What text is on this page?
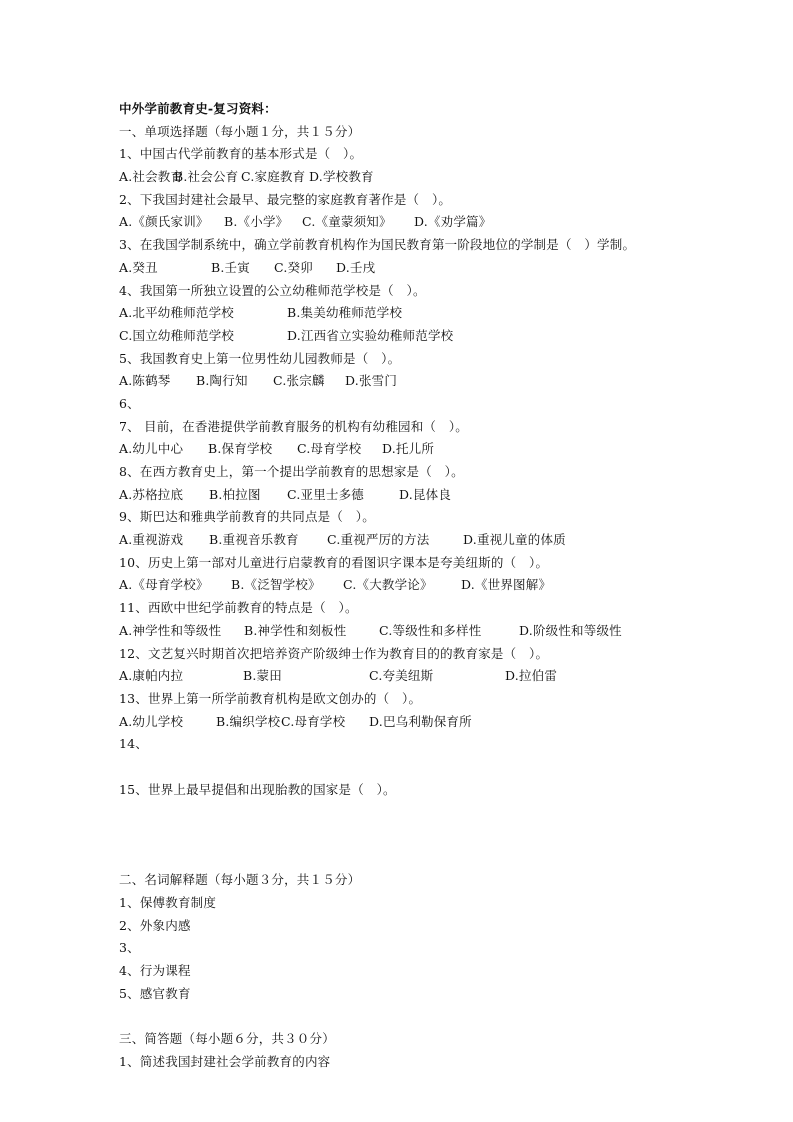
中外学前教育史-复习资料：
一、单项选择题（每小题１分，共１５分）
1、中国古代学前教育的基本形式是（　）。
A.社会教育B.社会公育 C.家庭教育 D.学校教育
2、下我国封建社会最早、最完整的家庭教育著作是（　）。
A.《颜氏家训》 B.《小学》 C.《童蒙须知》 D.《劝学篇》
3、在我国学制系统中，确立学前教育机构作为国民教育第一阶段地位的学制是（　）学制。
A.癸丑	B.壬寅 C.癸卯 D.壬戌
4、我国第一所独立设置的公立幼稚师范学校是（　）。
A.北平幼稚师范学校	B.集美幼稚师范学校
C.国立幼稚师范学校	D.江西省立实验幼稚师范学校
5、我国教育史上第一位男性幼儿园教师是（　）。
A.陈鹤琴 B.陶行知 C.张宗麟 D.张雪门
6、
7、 目前，在香港提供学前教育服务的机构有幼稚园和（　）。
A.幼儿中心 B.保育学校 C.母育学校 D.托儿所
8、在西方教育史上，第一个提出学前教育的思想家是（　）。
A.苏格拉底 B.柏拉图 C.亚里士多德	D.昆体良
9、斯巴达和雅典学前教育的共同点是（　）。
A.重视游戏 B.重视音乐教育 C.重视严厉的方法	D.重视儿童的体质
10、历史上第一部对儿童进行启蒙教育的看图识字课本是夸美纽斯的（　）。
A.《母育学校》 B.《泛智学校》 C.《大教学论》 D.《世界图解》
11、西欧中世纪学前教育的特点是（　）。
A.神学性和等级性 B.神学性和刻板性	C.等级性和多样性	D.阶级性和等级性
12、文艺复兴时期首次把培养资产阶级绅士作为教育目的的教育家是（　）。
A.康帕内拉	B.蒙田	C.夸美纽斯	D.拉伯雷
13、世界上第一所学前教育机构是欧文创办的（　）。
A.幼儿学校	B.编织学校C.母育学校 D.巴乌利勒保育所
14、
15、世界上最早提倡和出现胎教的国家是（　）。
二、名词解释题（每小题３分，共１５分）
1、保傅教育制度
2、外象内感
3、
4、行为课程
5、感官教育
三、简答题（每小题６分，共３０分）
1、简述我国封建社会学前教育的内容
